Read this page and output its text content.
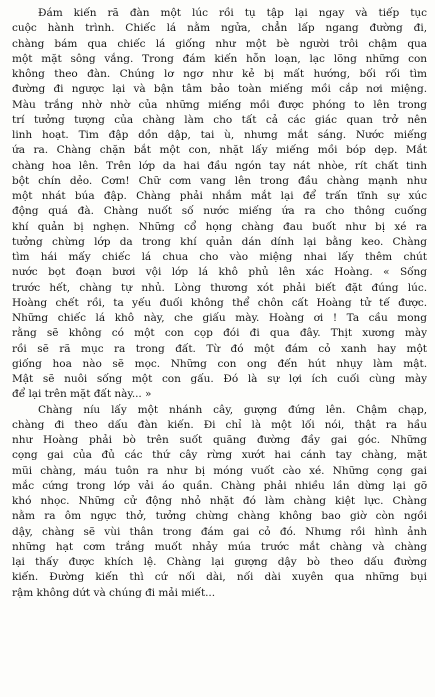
Đám kiến rã đàn một lúc rồi tụ tập lại ngay và tiếp tục
cuộc hành trình. Chiếc lá nằm ngửa, chẳn lấp ngang đường đi,
chàng bám qua chiếc lá giống như một bè người trôi chậm qua
một mặt sông vắng. Trong đám kiến hỗn loạn, lạc lõng những con
không theo đàn. Chúng lơ ngơ như kẻ bị mất hướng, bối rối tìm
đường đi ngược lại và bận tâm bảo toàn miếng mồi cắp nơi miệng.
Màu trắng nhờ nhờ của những miếng mồi được phóng to lên trong
trí tưởng tượng của chàng làm cho tất cả các giác quan trở nên
linh hoạt. Tim đập dồn dập, tai ù, nhưng mắt sáng. Nước miếng
ứa ra. Chàng chặn bắt một con, nhặt lấy miếng mồi bóp dẹp. Mắt
chàng hoa lên. Trên lớp da hai đầu ngón tay nát nhòe, rít chất tinh
bột chín dẻo. Cơm! Chữ cơm vang lên trong đầu chàng mạnh như
một nhát búa đập. Chàng phải nhắm mắt lại để trấn tĩnh sự xúc
động quá đà. Chàng nuốt số nước miếng ứa ra cho thông cuống
khí quản bị nghẹn. Những cổ họng chàng đau buốt như bị xé ra
tưởng chừng lớp da trong khí quản dán dính lại bằng keo. Chàng
tìm hái mấy chiếc lá chua cho vào miệng nhai lấy thêm chút
nước bọt đoạn bươi vội lớp lá khô phủ lên xác Hoàng. « Sống
trước hết, chàng tự nhủ. Lòng thương xót phải biết đặt đúng lúc.
Hoàng chết rồi, ta yếu đuối không thể chôn cất Hoàng tử tế được.
Những chiếc lá khô này, che giấu mày. Hoàng ơi ! Ta cầu mong
rằng sẽ không có một con cọp đói đi qua đây. Thịt xương mày
rồi sẽ rã mục ra trong đất. Từ đó một đám cỏ xanh hay một
giống hoa nào sẽ mọc. Những con ong đến hút nhụy làm mật.
Mật sẽ nuôi sống một con gấu. Đó là sự lợi ích cuối cùng mày
để lại trên mặt đất này... »
Chàng níu lấy một nhánh cây, gượng đứng lên. Chậm chạp,
chàng đi theo dấu đàn kiến. Đi chỉ là một lối nói, thật ra hầu
như Hoàng phải bò trên suốt quãng đường đầy gai góc. Những
cọng gai của đủ các thứ cây rừng xướt hai cánh tay chàng, mặt
mũi chàng, máu tuôn ra như bị móng vuốt cào xé. Những cọng gai
mắc cứng trong lớp vải áo quần. Chàng phải nhiều lần dừng lại gỡ
khó nhọc. Những cử động nhỏ nhặt đó làm chàng kiệt lực. Chàng
nằm ra ôm ngực thở, tưởng chừng chàng không bao giờ còn ngồi
dậy, chàng sẽ vùi thân trong đám gai cỏ đó. Nhưng rồi hình ảnh
những hạt cơm trắng muốt nhảy múa trước mắt chàng và chàng
lại thấy được khích lệ. Chàng lại gượng dậy bò theo dấu đường
kiến. Đường kiến thì cứ nối dài, nối dài xuyên qua những bụi
rậm không dứt và chúng đi mải miết...
